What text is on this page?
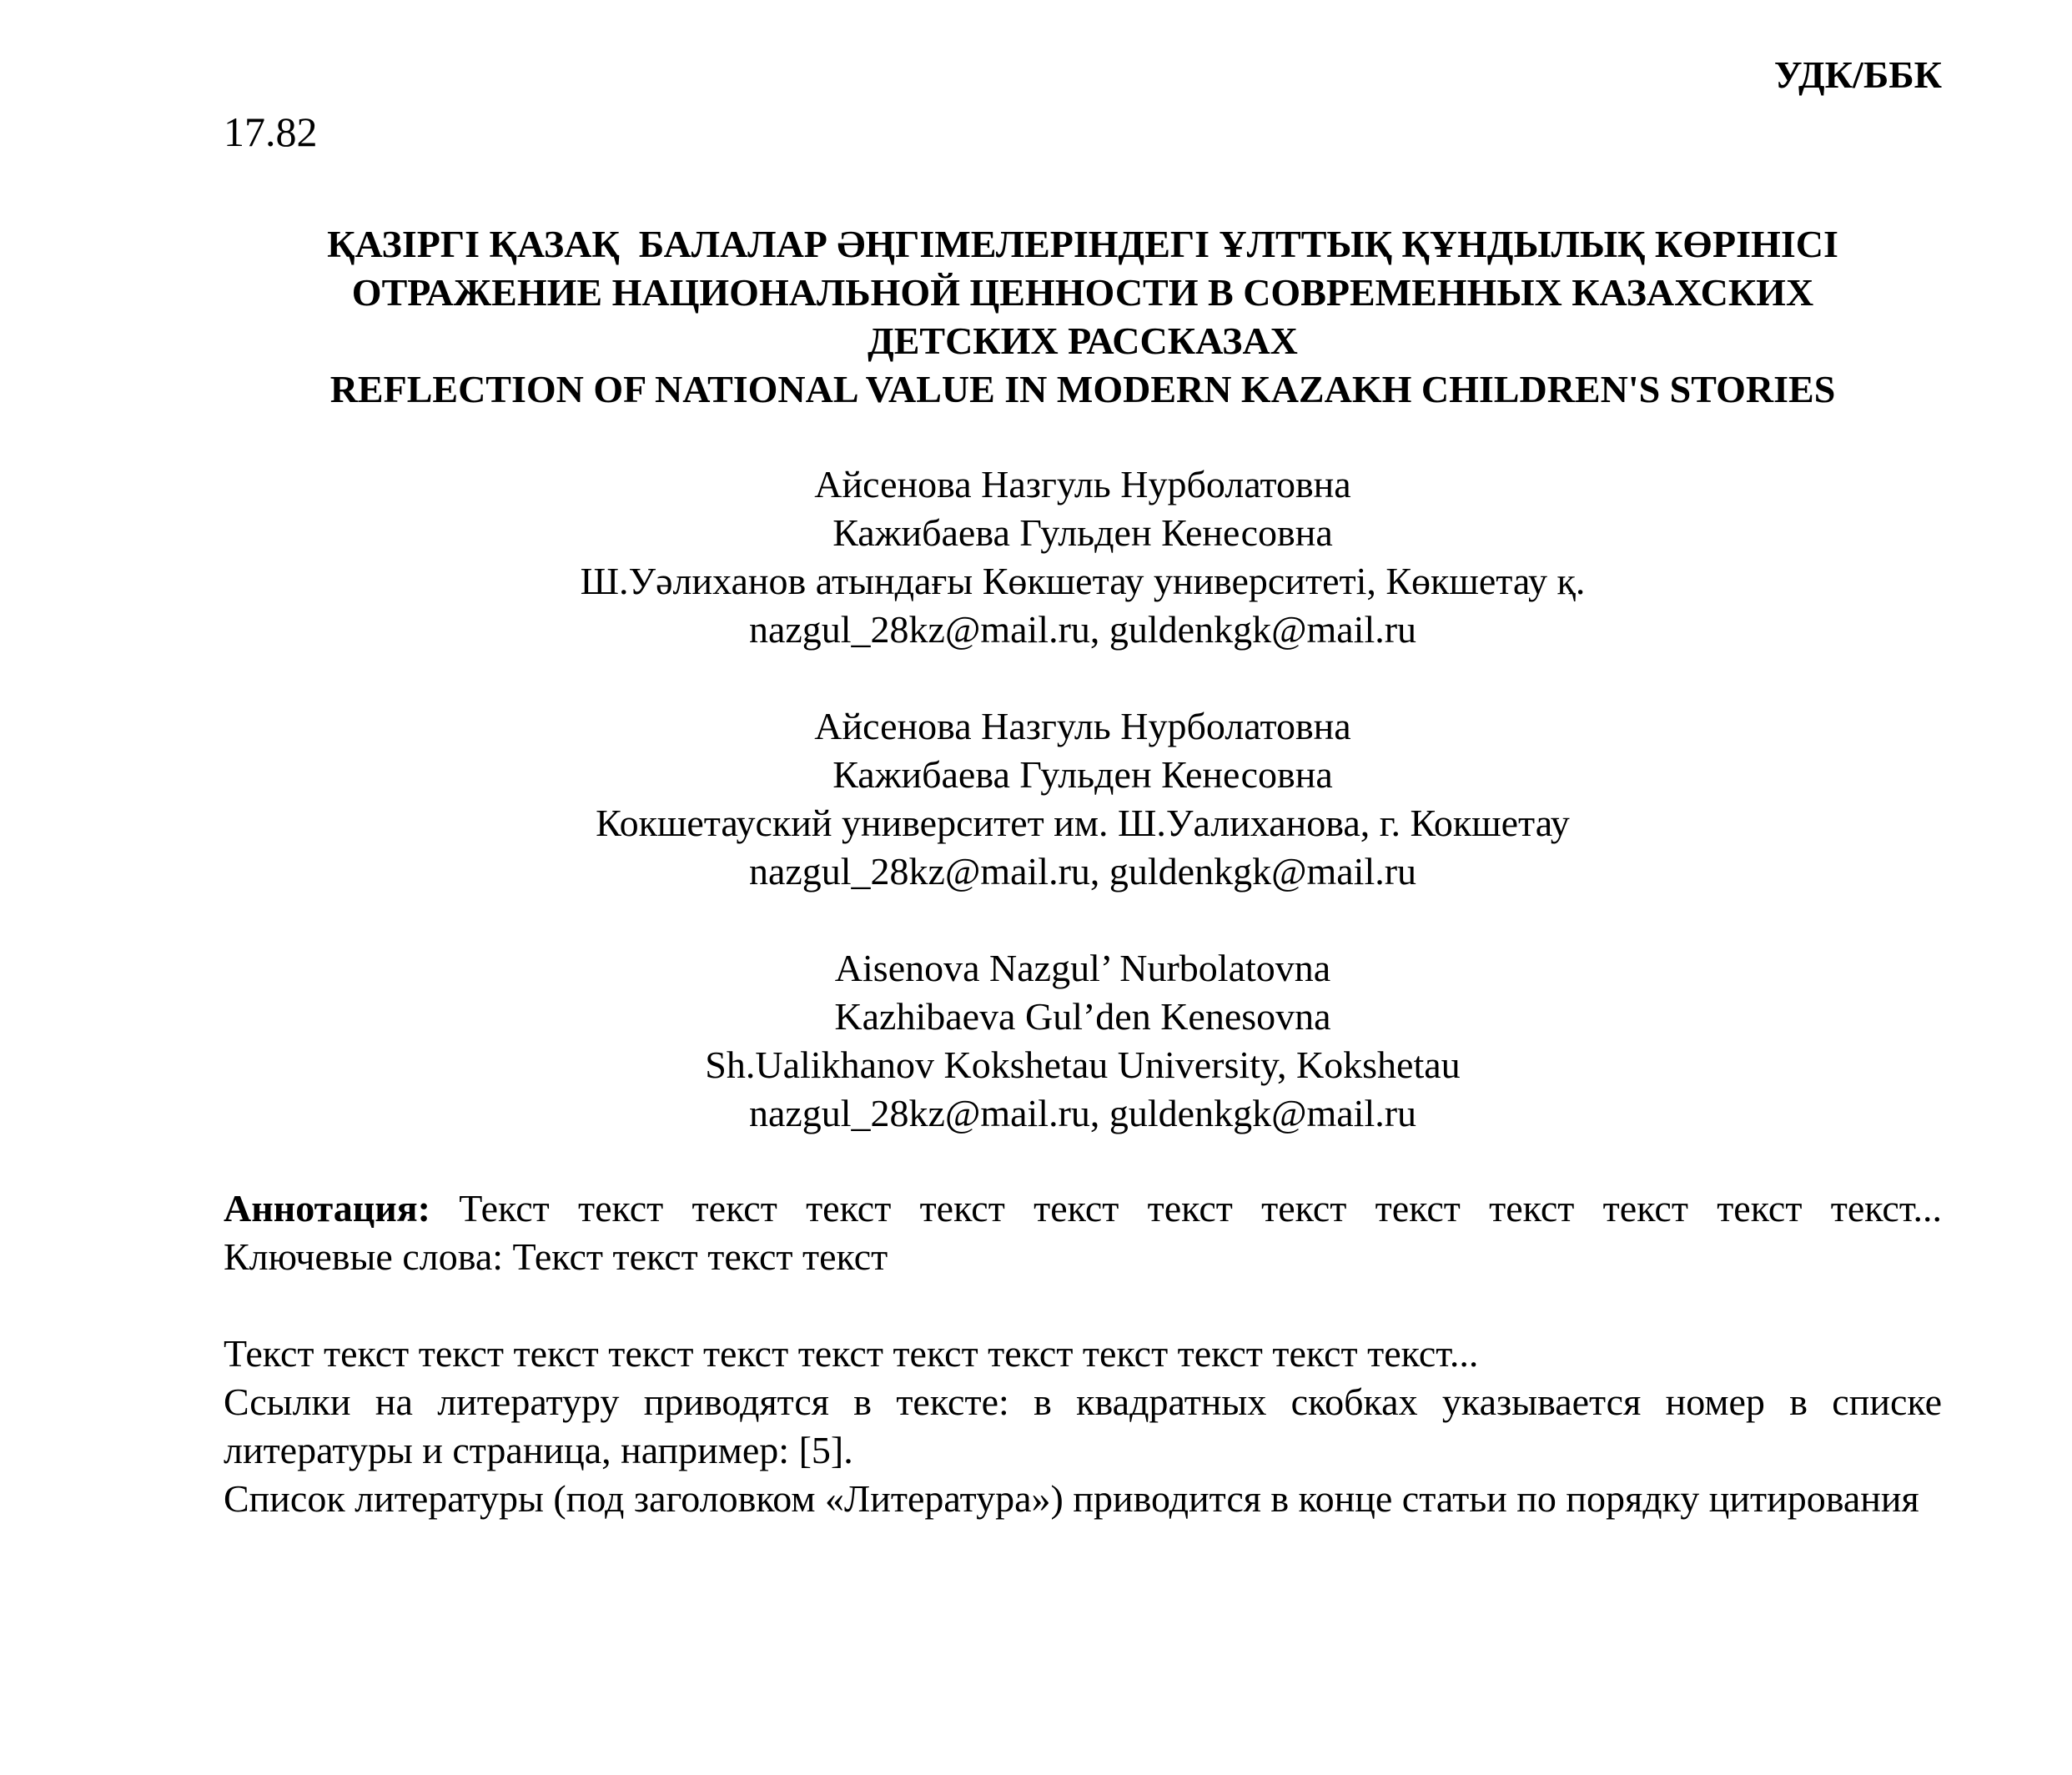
УДК/ББК
17.82
ҚАЗІРГІ ҚАЗАҚ  БАЛАЛАР ӘҢГІМЕЛЕРІНДЕГІ ҰЛТТЫҚ ҚҰНДЫЛЫҚ КӨРІНІСІ
ОТРАЖЕНИЕ НАЦИОНАЛЬНОЙ ЦЕННОСТИ В СОВРЕМЕННЫХ КАЗАХСКИХ
ДЕТСКИХ РАССКАЗАХ
REFLECTION OF NATIONAL VALUE IN MODERN KAZAKH CHILDREN'S STORIES
Айсенова Назгуль Нурболатовна
Кажибаева Гульден Кенесовна
Ш.Уәлиханов атындағы Көкшетау университеті, Көкшетау қ.
nazgul_28kz@mail.ru, guldenkgk@mail.ru
Айсенова Назгуль Нурболатовна
Кажибаева Гульден Кенесовна
Кокшетауский университет им. Ш.Уалиханова, г. Кокшетау
nazgul_28kz@mail.ru, guldenkgk@mail.ru
Aisenova Nazgul’ Nurbolatovna
Kazhibaeva Gul’den Kenesovna
Sh.Ualikhanov Kokshetau University, Kokshetau
nazgul_28kz@mail.ru, guldenkgk@mail.ru
Аннотация: Текст текст текст текст текст текст текст текст текст текст текст текст текст...
Ключевые слова: Текст текст текст текст

Текст текст текст текст текст текст текст текст текст текст текст текст текст...

Ссылки на литературу приводятся в тексте: в квадратных скобках указывается номер в списке литературы и страница, например: [5].

Список литературы (под заголовком «Литература») приводится в конце статьи по порядку цитирования
